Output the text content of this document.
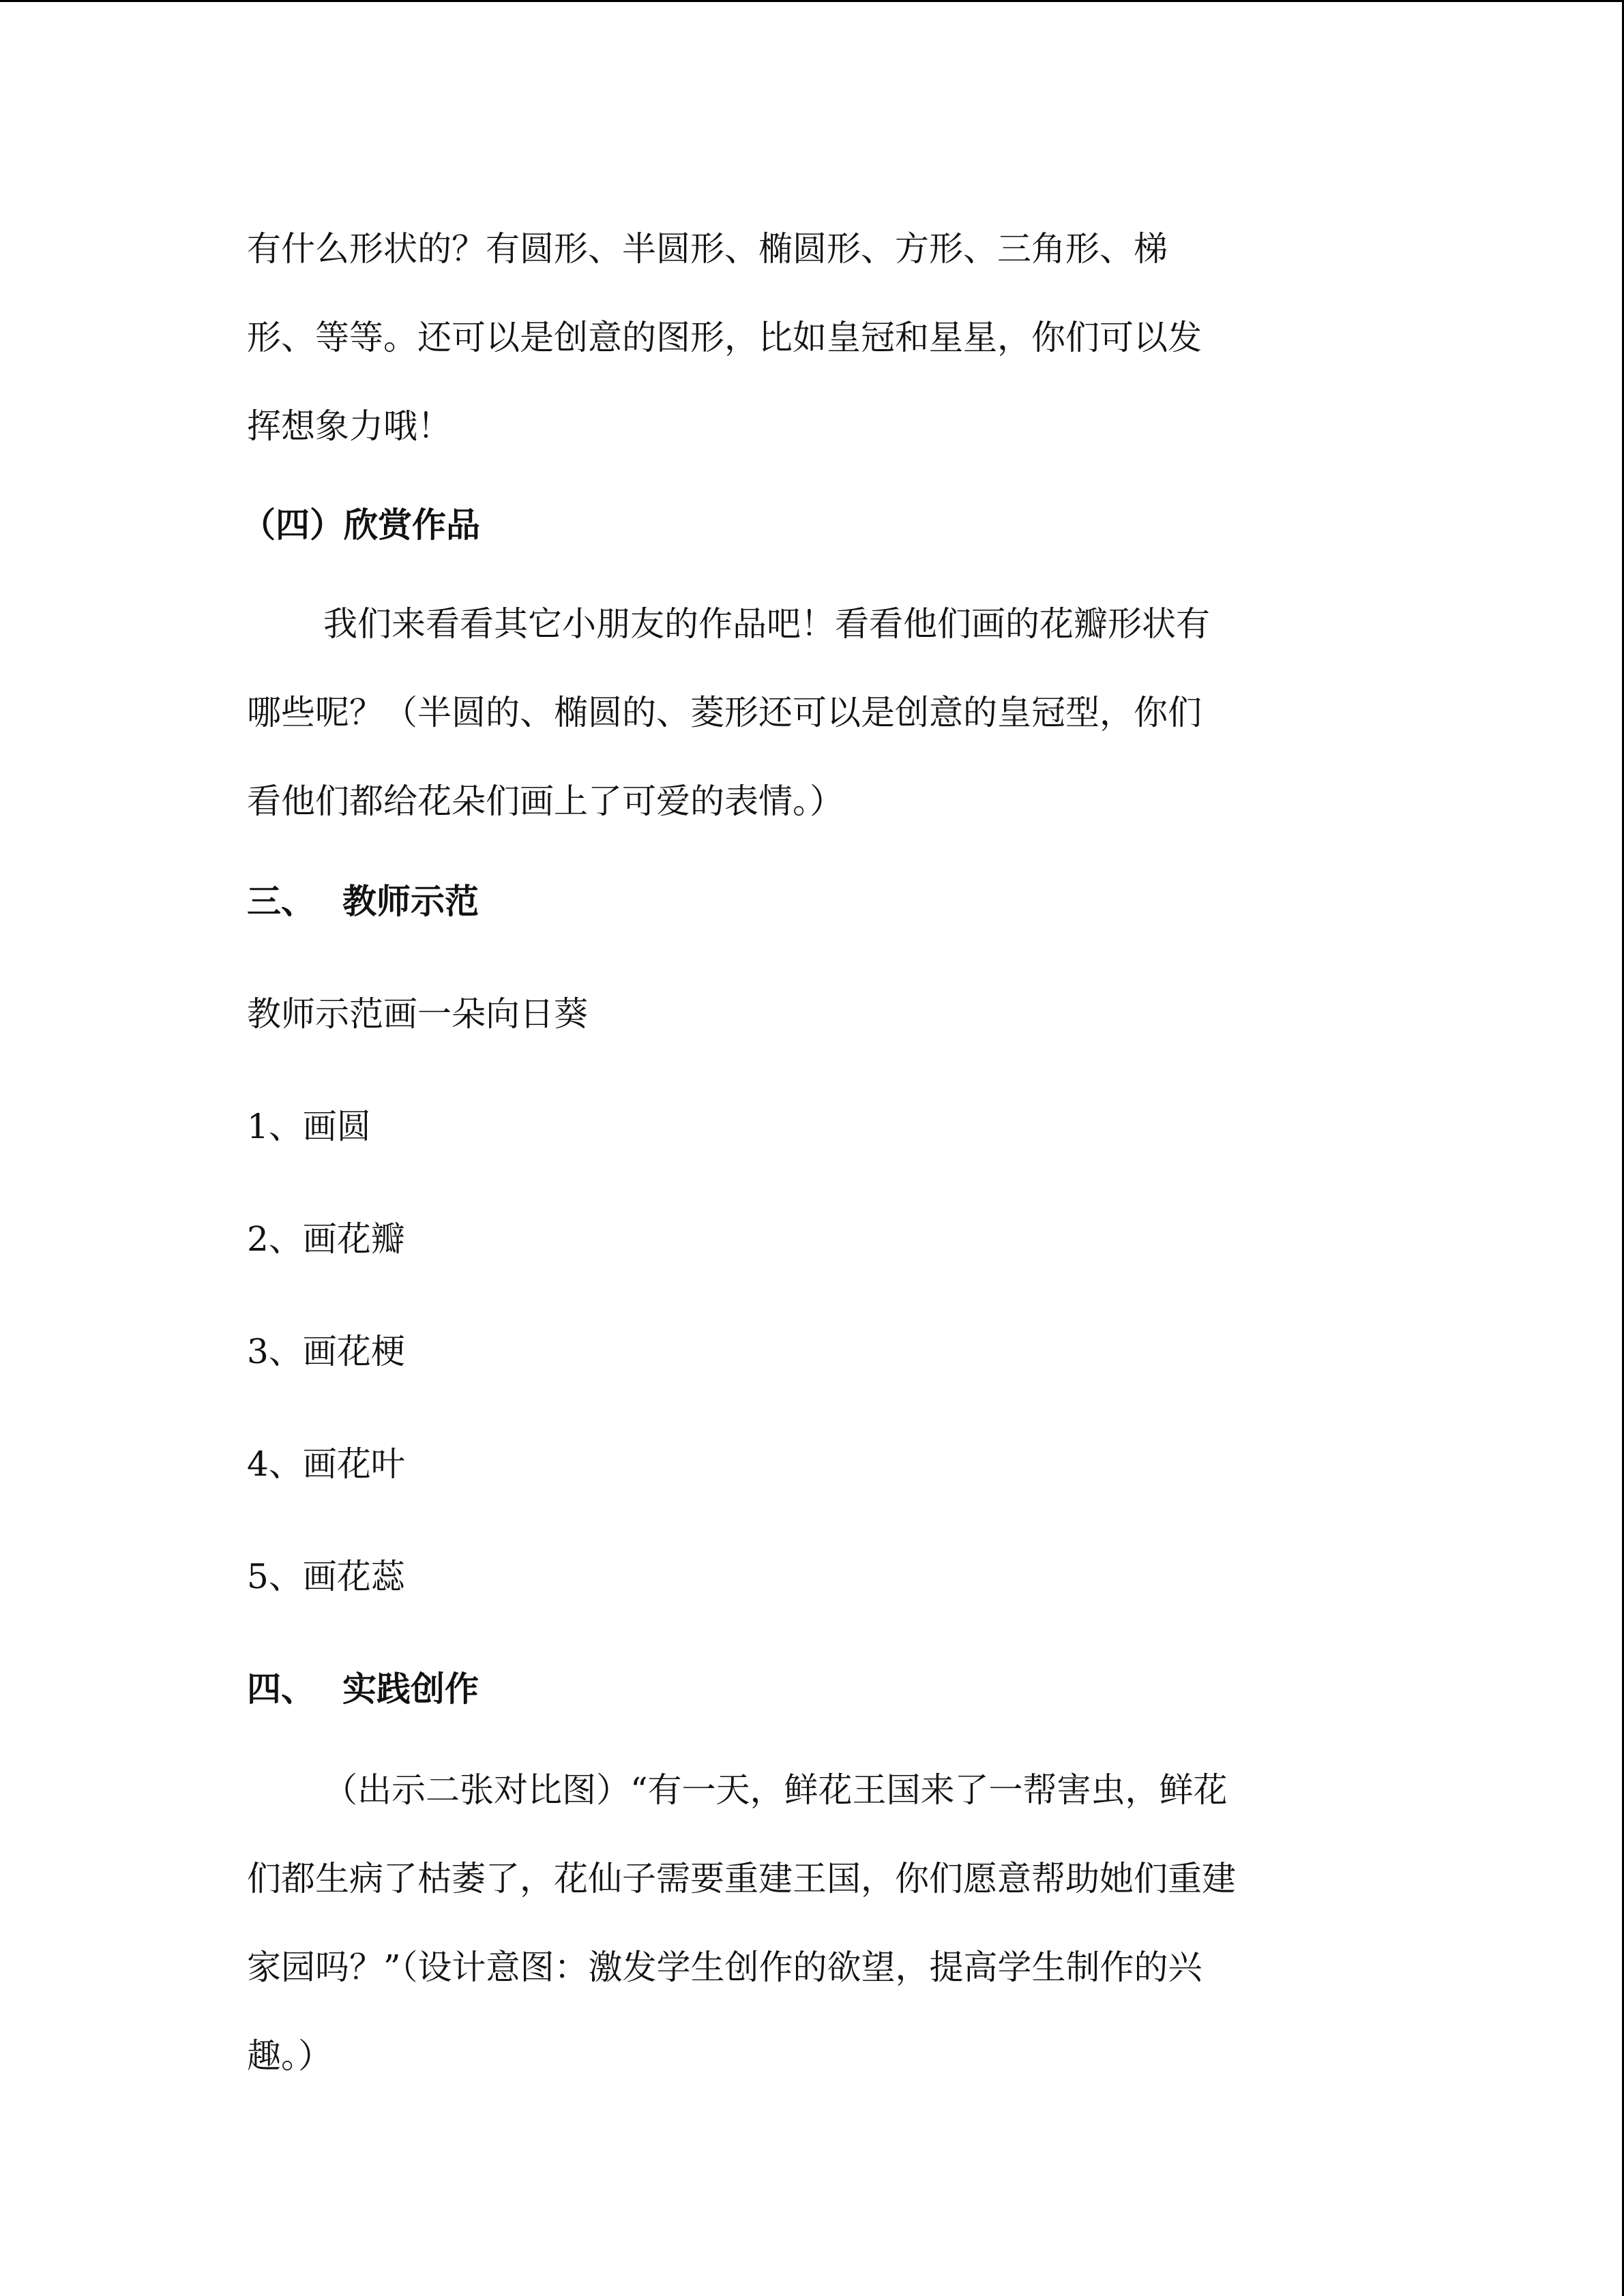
有什么形状的？有圆形、半圆形、椭圆形、方形、三角形、梯

形、等等。还可以是创意的图形，比如皇冠和星星，你们可以发

挥想象力哦！

（四）欣赏作品

我们来看看其它小朋友的作品吧！看看他们画的花瓣形状有

哪些呢？（半圆的、椭圆的、菱形还可以是创意的皇冠型，你们

看他们都给花朵们画上了可爱的表情。）

三、 教师示范

教师示范画一朵向日葵

1、画圆

2、画花瓣

3、画花梗

4、画花叶

5、画花蕊

四、 实践创作

（出示二张对比图）“有一天，鲜花王国来了一帮害虫，鲜花

们都生病了枯萎了，花仙子需要重建王国，你们愿意帮助她们重建

家园吗？”（设计意图：激发学生创作的欲望，提高学生制作的兴

趣。）
